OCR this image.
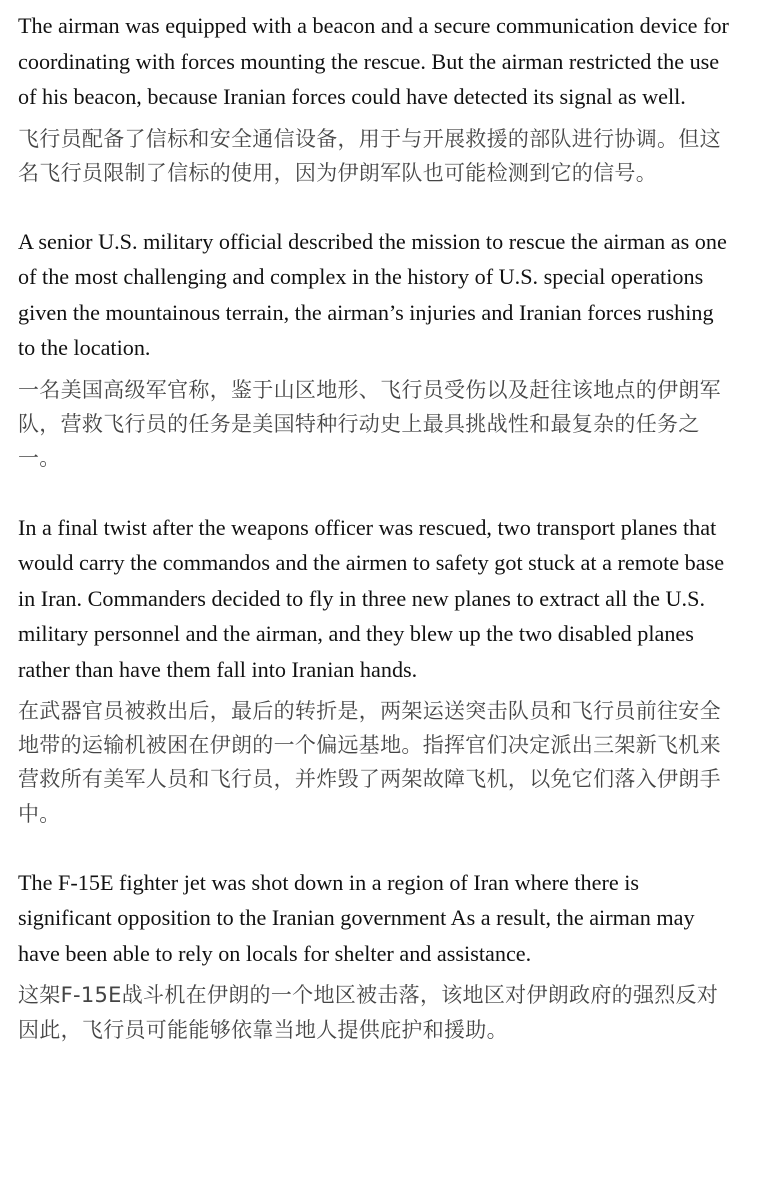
The airman was equipped with a beacon and a secure communication device for coordinating with forces mounting the rescue. But the airman restricted the use of his beacon, because Iranian forces could have detected its signal as well.

飞行员配备了信标和安全通信设备，用于与开展救援的部队进行协调。但这名飞行员限制了信标的使用，因为伊朗军队也可能检测到它的信号。

A senior U.S. military official described the mission to rescue the airman as one of the most challenging and complex in the history of U.S. special operations given the mountainous terrain, the airman’s injuries and Iranian forces rushing to the location.

一名美国高级军官称，鉴于山区地形、飞行员受伤以及赶往该地点的伊朗军队，营救飞行员的任务是美国特种行动史上最具挑战性和最复杂的任务之一。

In a final twist after the weapons officer was rescued, two transport planes that would carry the commandos and the airmen to safety got stuck at a remote base in Iran. Commanders decided to fly in three new planes to extract all the U.S. military personnel and the airman, and they blew up the two disabled planes rather than have them fall into Iranian hands.

在武器官员被救出后，最后的转折是，两架运送突击队员和飞行员前往安全地带的运输机被困在伊朗的一个偏远基地。指挥官们决定派出三架新飞机来营救所有美军人员和飞行员，并炸毁了两架故障飞机，以免它们落入伊朗手中。

The F-15E fighter jet was shot down in a region of Iran where there is significant opposition to the Iranian government As a result, the airman may have been able to rely on locals for shelter and assistance.

这架F-15E战斗机在伊朗的一个地区被击落，该地区对伊朗政府的强烈反对因此，飞行员可能能够依靠当地人提供庇护和援助。
